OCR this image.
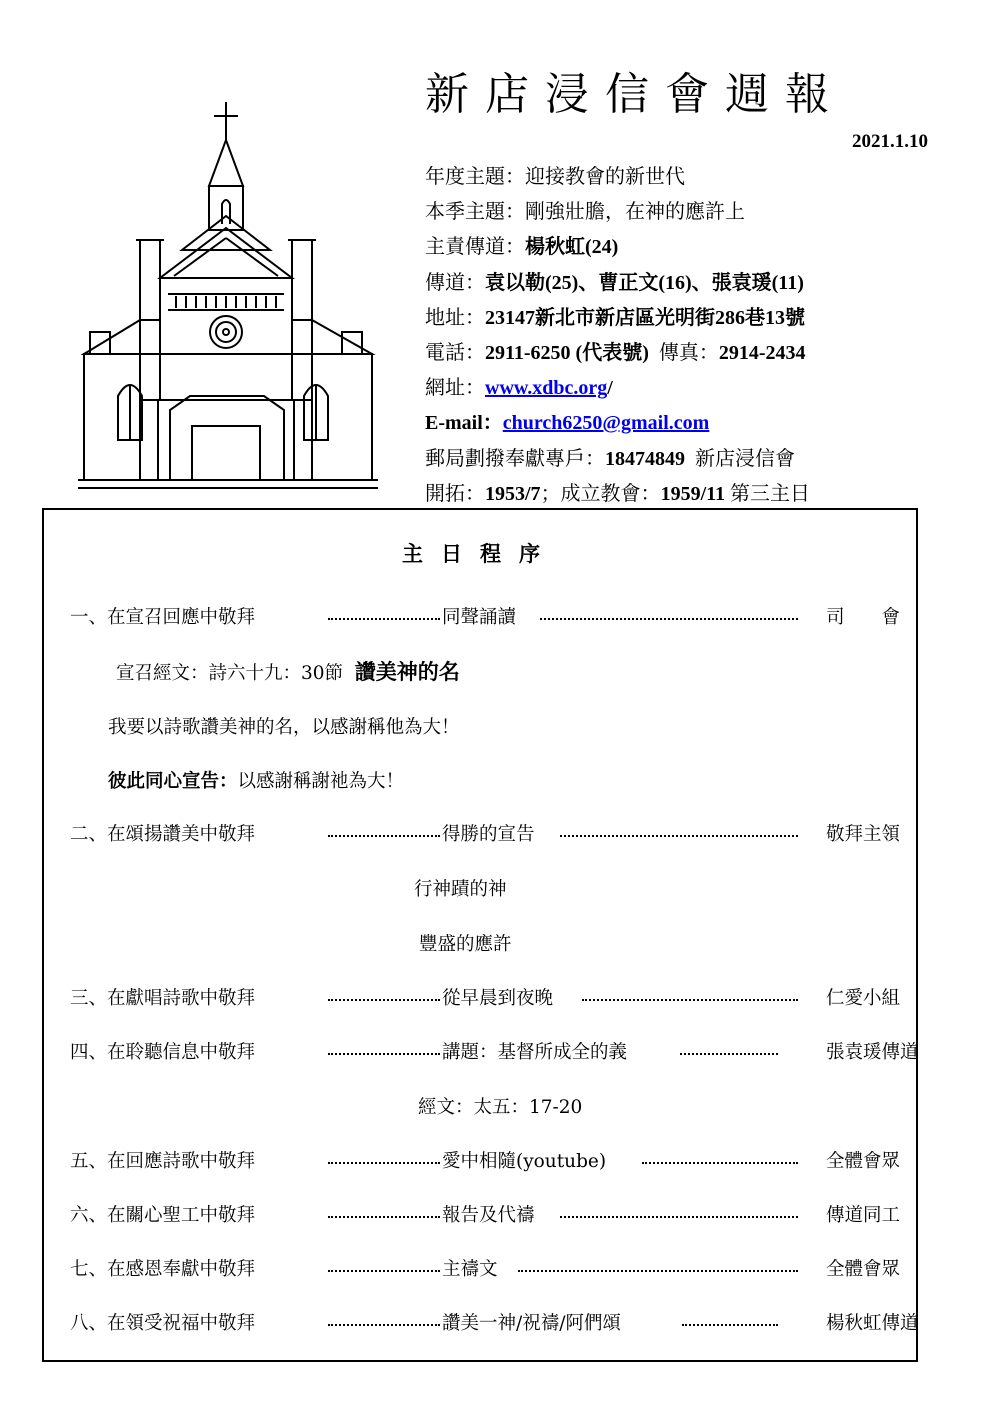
新店浸信會週報
2021.1.10
年度主題：迎接教會的新世代
本季主題：剛強壯膽，在神的應許上
主責傳道：楊秋虹(24)
傳道：袁以勒(25)、曹正文(16)、張袁瑗(11)
地址：23147新北市新店區光明街286巷13號
電話：2911-6250 (代表號) 傳真：2914-2434
網址：www.xdbc.org/
E-mail：church6250@gmail.com
郵局劃撥奉獻專戶：18474849 新店浸信會
開拓：1953/7；成立教會：1959/11 第三主日
主日程序
一、在宣召回應中敬拜	同聲誦讀	司　　會
宣召經文：詩六十九：30節 讚美神的名
我要以詩歌讚美神的名，以感謝稱他為大！
彼此同心宣告：以感謝稱謝祂為大！
二、在頌揚讚美中敬拜	得勝的宣告	敬拜主領
行神蹟的神
豐盛的應許
三、在獻唱詩歌中敬拜	從早晨到夜晚	仁愛小組
四、在聆聽信息中敬拜	講題：基督所成全的義	張袁瑗傳道
經文：太五：17-20
五、在回應詩歌中敬拜	愛中相隨(youtube)	全體會眾
六、在關心聖工中敬拜	報告及代禱	傳道同工
七、在感恩奉獻中敬拜	主禱文	全體會眾
八、在領受祝福中敬拜	讚美一神/祝禱/阿們頌	楊秋虹傳道
